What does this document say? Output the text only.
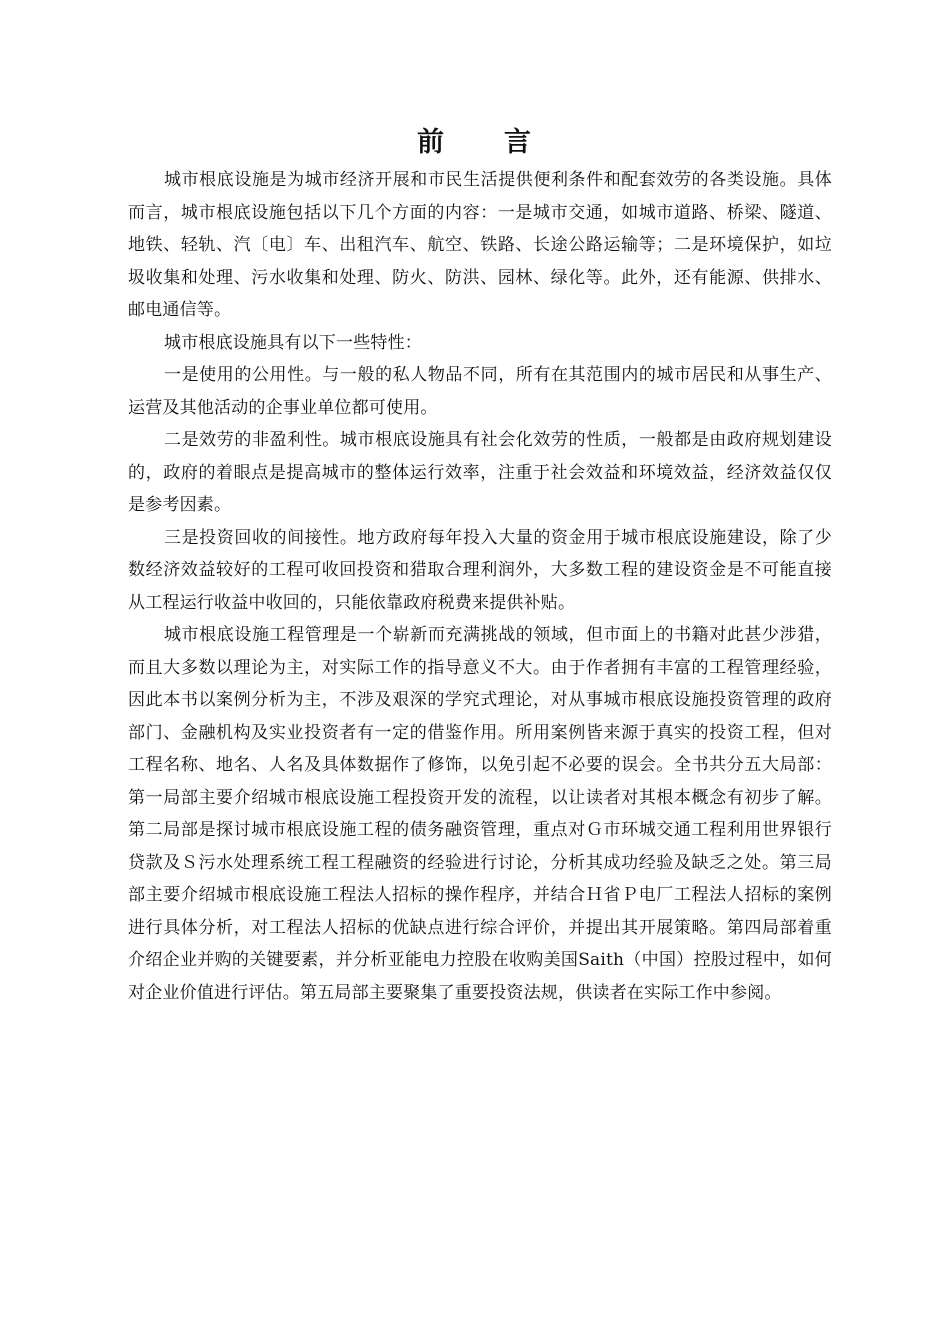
前　　言

城市根底设施是为城市经济开展和市民生活提供便利条件和配套效劳的各类设施。具体而言，城市根底设施包括以下几个方面的内容：一是城市交通，如城市道路、桥梁、隧道、地铁、轻轨、汽〔电〕车、出租汽车、航空、铁路、长途公路运输等；二是环境保护，如垃圾收集和处理、污水收集和处理、防火、防洪、园林、绿化等。此外，还有能源、供排水、邮电通信等。

城市根底设施具有以下一些特性：

一是使用的公用性。与一般的私人物品不同，所有在其范围内的城市居民和从事生产、运营及其他活动的企事业单位都可使用。

二是效劳的非盈利性。城市根底设施具有社会化效劳的性质，一般都是由政府规划建设的，政府的着眼点是提高城市的整体运行效率，注重于社会效益和环境效益，经济效益仅仅是参考因素。

三是投资回收的间接性。地方政府每年投入大量的资金用于城市根底设施建设，除了少数经济效益较好的工程可收回投资和猎取合理利润外，大多数工程的建设资金是不可能直接从工程运行收益中收回的，只能依靠政府税费来提供补贴。

城市根底设施工程管理是一个崭新而充满挑战的领域，但市面上的书籍对此甚少涉猎，而且大多数以理论为主，对实际工作的指导意义不大。由于作者拥有丰富的工程管理经验，因此本书以案例分析为主，不涉及艰深的学究式理论，对从事城市根底设施投资管理的政府部门、金融机构及实业投资者有一定的借鉴作用。所用案例皆来源于真实的投资工程，但对工程名称、地名、人名及具体数据作了修饰，以免引起不必要的误会。全书共分五大局部：第一局部主要介绍城市根底设施工程投资开发的流程，以让读者对其根本概念有初步了解。第二局部是探讨城市根底设施工程的债务融资管理，重点对Ｇ市环城交通工程利用世界银行贷款及Ｓ污水处理系统工程工程融资的经验进行讨论，分析其成功经验及缺乏之处。第三局部主要介绍城市根底设施工程法人招标的操作程序，并结合Ｈ省Ｐ电厂工程法人招标的案例进行具体分析，对工程法人招标的优缺点进行综合评价，并提出其开展策略。第四局部着重介绍企业并购的关键要素，并分析亚能电力控股在收购美国Saith（中国）控股过程中，如何对企业价值进行评估。第五局部主要聚集了重要投资法规，供读者在实际工作中参阅。
